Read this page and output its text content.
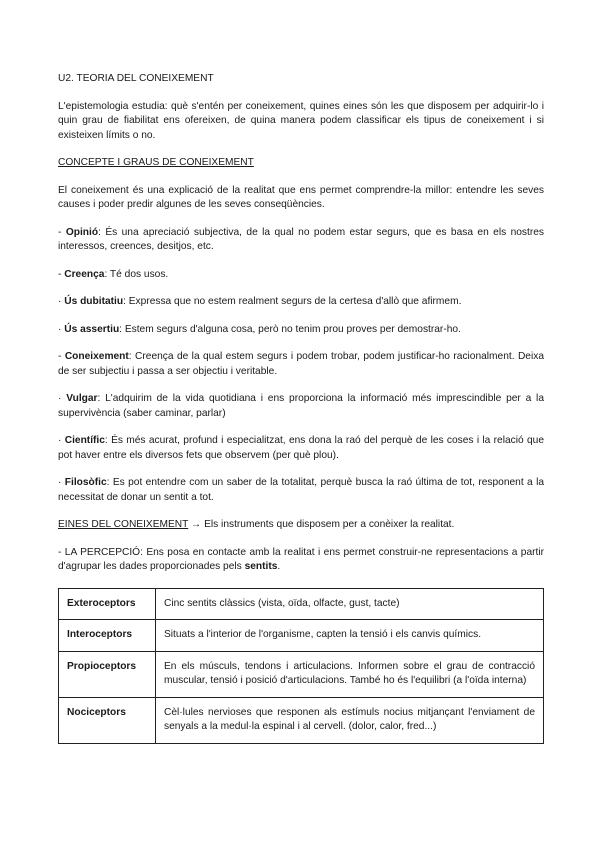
U2. TEORIA DEL CONEIXEMENT

L'epistemologia estudia: què s'entén per coneixement, quines eines són les que disposem per adquirir-lo i quin grau de fiabilitat ens ofereixen, de quina manera podem classificar els tipus de coneixement i si existeixen límits o no.

CONCEPTE I GRAUS DE CONEIXEMENT

El coneixement és una explicació de la realitat que ens permet comprendre-la millor: entendre les seves causes i poder predir algunes de les seves conseqüències.

- Opinió: És una apreciació subjectiva, de la qual no podem estar segurs, que es basa en els nostres interessos, creences, desitjos, etc.

- Creença: Té dos usos.

· Ús dubitatiu: Expressa que no estem realment segurs de la certesa d'allò que afirmem.

· Ús assertiu: Estem segurs d'alguna cosa, però no tenim prou proves per demostrar-ho.

- Coneixement: Creença de la qual estem segurs i podem trobar, podem justificar-ho racionalment. Deixa de ser subjectiu i passa a ser objectiu i veritable.

· Vulgar: L'adquirim de la vida quotidiana i ens proporciona la informació més imprescindible per a la supervivència (saber caminar, parlar)

· Científic: És més acurat, profund i especialitzat, ens dona la raó del perquè de les coses i la relació que pot haver entre els diversos fets que observem (per què plou).

· Filosòfic: Es pot entendre com un saber de la totalitat, perquè busca la raó última de tot, responent a la necessitat de donar un sentit a tot.

EINES DEL CONEIXEMENT → Els instruments que disposem per a conèixer la realitat.

- LA PERCEPCIÓ: Ens posa en contacte amb la realitat i ens permet construir-ne representacions a partir d'agrupar les dades proporcionades pels sentits.

Exteroceptors	Cinc sentits clàssics (vista, oïda, olfacte, gust, tacte)
Interoceptors	Situats a l'interior de l'organisme, capten la tensió i els canvis químics.
Propioceptors	En els músculs, tendons i articulacions. Informen sobre el grau de contracció muscular, tensió i posició d'articulacions. També ho és l'equilibri (a l'oïda interna)
Nociceptors	Cèl·lules nervioses que responen als estímuls nocius mitjançant l'enviament de senyals a la medul·la espinal i al cervell. (dolor, calor, fred...)
